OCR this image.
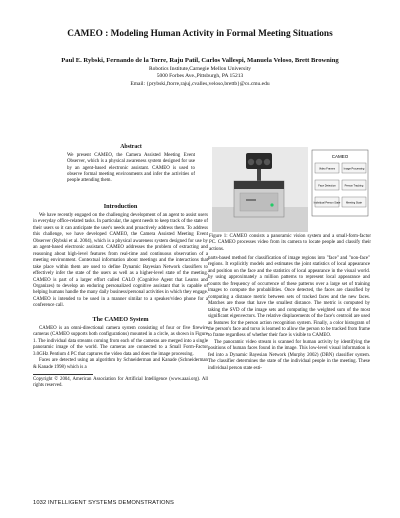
CAMEO : Modeling Human Activity in Formal Meeting Situations
Paul E. Rybski, Fernando de la Torre, Raju Patil, Carlos Vallespi, Manuela Veloso, Brett Browning
Robotics Institute,Carnegie Mellon University
5000 Forbes Ave.,Pittsburgh, PA 15213
Email: {prybski,ftorre,rajuj,cvalles,veloso,brettb}@cs.cmu.edu
Abstract
We present CAMEO, the Camera Assisted Meeting Event Observer, which is a physical awareness system designed for use by an agent-based electronic assistant. CAMEO is used to observe formal meeting environments and infer the activities of people attending them.
Introduction

We have recently engaged on the challenging development of an agent to assist users in everyday office-related tasks. In particular, the agent needs to keep track of the state of their users so it can anticipate the user's needs and proactively address them. To address this challenge, we have developed CAMEO, the Camera Assisted Meeting Event Observer (Rybski et al. 2004), which is a physical awareness system designed for use by an agent-based electronic assistant. CAMEO addresses the problem of extracting and reasoning about high-level features from real-time and continuous observation of a meeting environment. Contextual information about meetings and the interactions that take place within them are used to define Dynamic Bayesian Network classifiers to effectively infer the state of the users as well as a higher-level state of the meeting. CAMEO is part of a larger effort called CALO (Cognitive Agent that Learns and Organizes) to develop an enduring personalized cognitive assistant that is capable of helping humans handle the many daily business/personal activities in which they engage. CAMEO is intended to be used in a manner similar to a speaker/video phone for a conference call.

The CAMEO System

CAMEO is an omni-directional camera system consisting of four or five firewire cameras (CAMEO supports both configurations) mounted in a circle, as shown in Figure 1. The individual data streams coming from each of the cameras are merged into a single panoramic image of the world. The cameras are connected to a Small Form-Factor 3.0GHz Pentium 4 PC that captures the video data and does the image processing.

Faces are detected using an algorithm by Schneiderman and Kanade (Schneiderman & Kanade 1998) which is a

Copyright © 2004, American Association for Artificial Intelligence (www.aaai.org). All rights reserved.
CAMEO
Video Frames	Image Processing
Face Detection	Person Tracking
Individual Person State Meeting State
Figure 1: CAMEO consists a panoramic vision system and a small-form-factor PC. CAMEO processes video from its camera to locate people and classify their actions.

parts-based method for classification of image regions into "face" and "non-face" regions. It explicitly models and estimates the joint statistics of local appearance and position on the face and the statistics of local appearance in the visual world. by using approximately a million patterns to represent local appearance and counts the frequency of occurrence of these patterns over a large set of training images to compute the probabilities. Once detected, the faces are classified by computing a distance metric between sets of tracked faces and the new faces. Matches are those that have the smallest distance. The metric is computed by taking the SVD of the image sets and computing the weighted sum of the most significant eigenvectors. The relative displacements of the face's centroid are used as features for the person action recognition system. Finally, a color histogram of the person's face and torso is learned to allow the person to be tracked from frame to frame regardless of whether their face is visible to CAMEO.

The panoramic video stream is scanned for human activity by identifying the positions of human faces found in the image. This low-level visual information is fed into a Dynamic Bayesian Network (Murphy 2002) (DBN) classifier system. The classifier determines the state of the individual people in the meeting. These individual person state esti-

1032 INTELLIGENT SYSTEMS DEMONSTRATIONS
